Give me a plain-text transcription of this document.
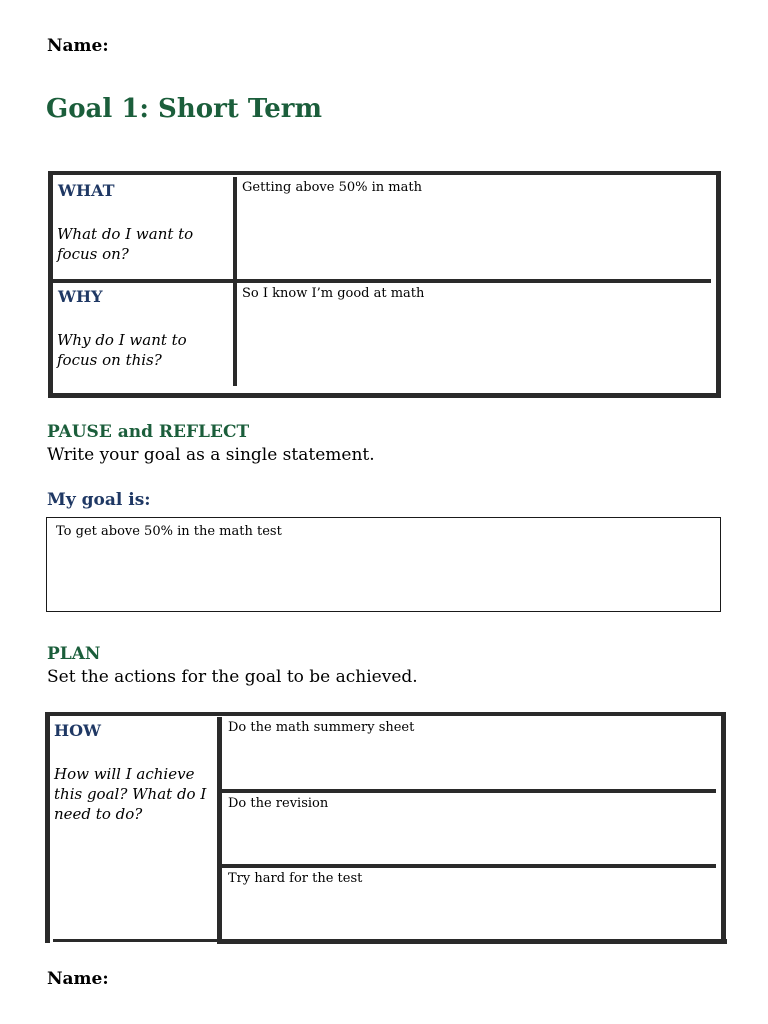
Name:
Goal 1: Short Term
WHAT
What do I want to focus on?
Getting above 50% in math
WHY
Why do I want to focus on this?
So I know I’m good at math
PAUSE and REFLECT
Write your goal as a single statement.
My goal is:
To get above 50% in the math test
PLAN
Set the actions for the goal to be achieved.
HOW
How will I achieve this goal? What do I need to do?
Do the math summery sheet
Do the revision
Try hard for the test
Name:
